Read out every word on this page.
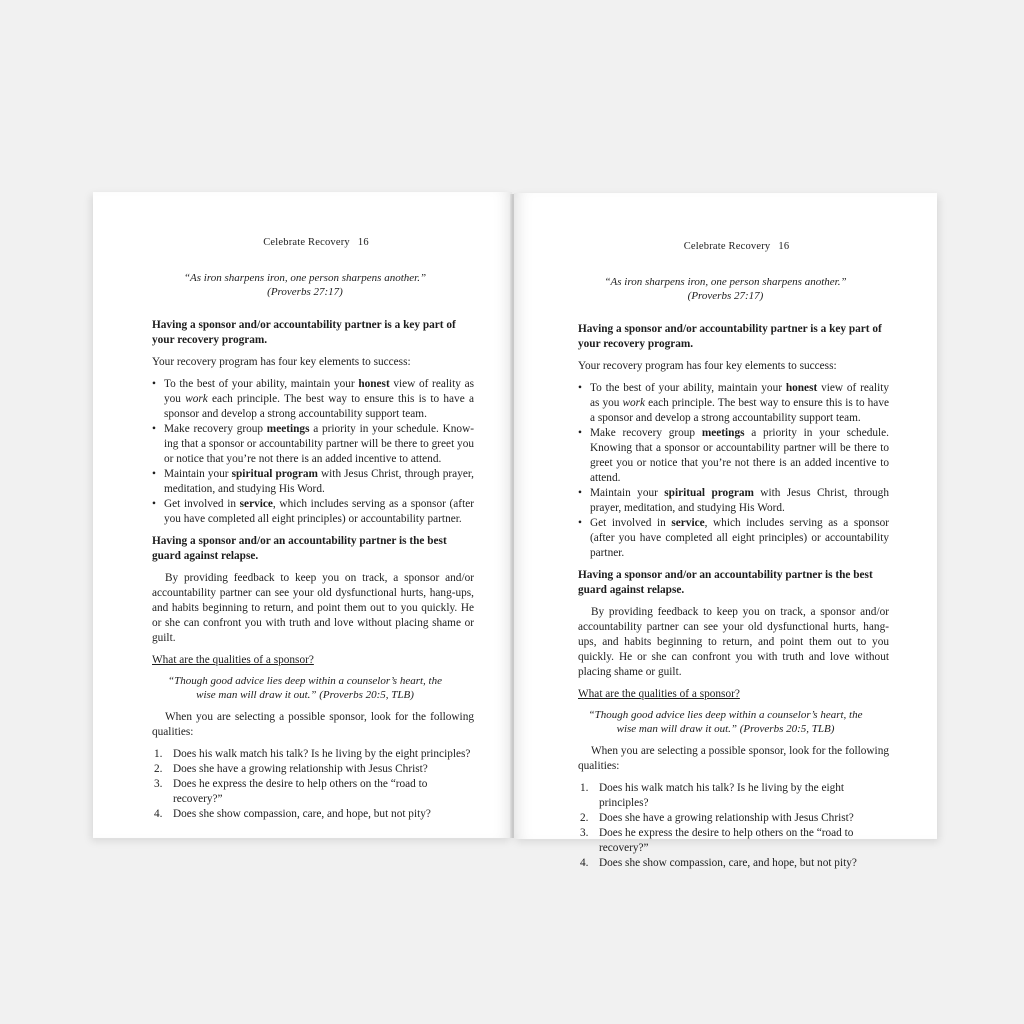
Celebrate Recovery 16
“As iron sharpens iron, one person sharpens another.”
(Proverbs 27:17)

Having a sponsor and/or accountability partner is a key part of your recovery program.

Your recovery program has four key elements to success:

• To the best of your ability, maintain your honest view of reality as you work each principle. The best way to ensure this is to have a sponsor and develop a strong accountability support team.
• Make recovery group meetings a priority in your schedule. Knowing that a sponsor or accountability partner will be there to greet you or notice that you’re not there is an added incentive to attend.
• Maintain your spiritual program with Jesus Christ, through prayer, meditation, and studying His Word.
• Get involved in service, which includes serving as a sponsor (after you have completed all eight principles) or accountability partner.

Having a sponsor and/or an accountability partner is the best guard against relapse.

By providing feedback to keep you on track, a sponsor and/or accountability partner can see your old dysfunctional hurts, hang-ups, and habits beginning to return, and point them out to you quickly. He or she can confront you with truth and love without placing shame or guilt.

What are the qualities of a sponsor?

“Though good advice lies deep within a counselor’s heart, the wise man will draw it out.” (Proverbs 20:5, TLB)

When you are selecting a possible sponsor, look for the following qualities:

1. Does his walk match his talk? Is he living by the eight principles?
2. Does she have a growing relationship with Jesus Christ?
3. Does he express the desire to help others on the “road to recovery?”
4. Does she show compassion, care, and hope, but not pity?
Celebrate Recovery 16
“As iron sharpens iron, one person sharpens another.”
(Proverbs 27:17)

Having a sponsor and/or accountability partner is a key part of your recovery program.

Your recovery program has four key elements to success:

• To the best of your ability, maintain your honest view of reality as you work each principle. The best way to ensure this is to have a sponsor and develop a strong accountability support team.
• Make recovery group meetings a priority in your schedule. Knowing that a sponsor or accountability partner will be there to greet you or notice that you’re not there is an added incentive to attend.
• Maintain your spiritual program with Jesus Christ, through prayer, meditation, and studying His Word.
• Get involved in service, which includes serving as a sponsor (after you have completed all eight principles) or accountability partner.

Having a sponsor and/or an accountability partner is the best guard against relapse.

By providing feedback to keep you on track, a sponsor and/or accountability partner can see your old dysfunctional hurts, hang-ups, and habits beginning to return, and point them out to you quickly. He or she can confront you with truth and love without placing shame or guilt.

What are the qualities of a sponsor?

“Though good advice lies deep within a counselor’s heart, the wise man will draw it out.” (Proverbs 20:5, TLB)

When you are selecting a possible sponsor, look for the following qualities:

1. Does his walk match his talk? Is he living by the eight principles?
2. Does she have a growing relationship with Jesus Christ?
3. Does he express the desire to help others on the “road to recovery?”
4. Does she show compassion, care, and hope, but not pity?
